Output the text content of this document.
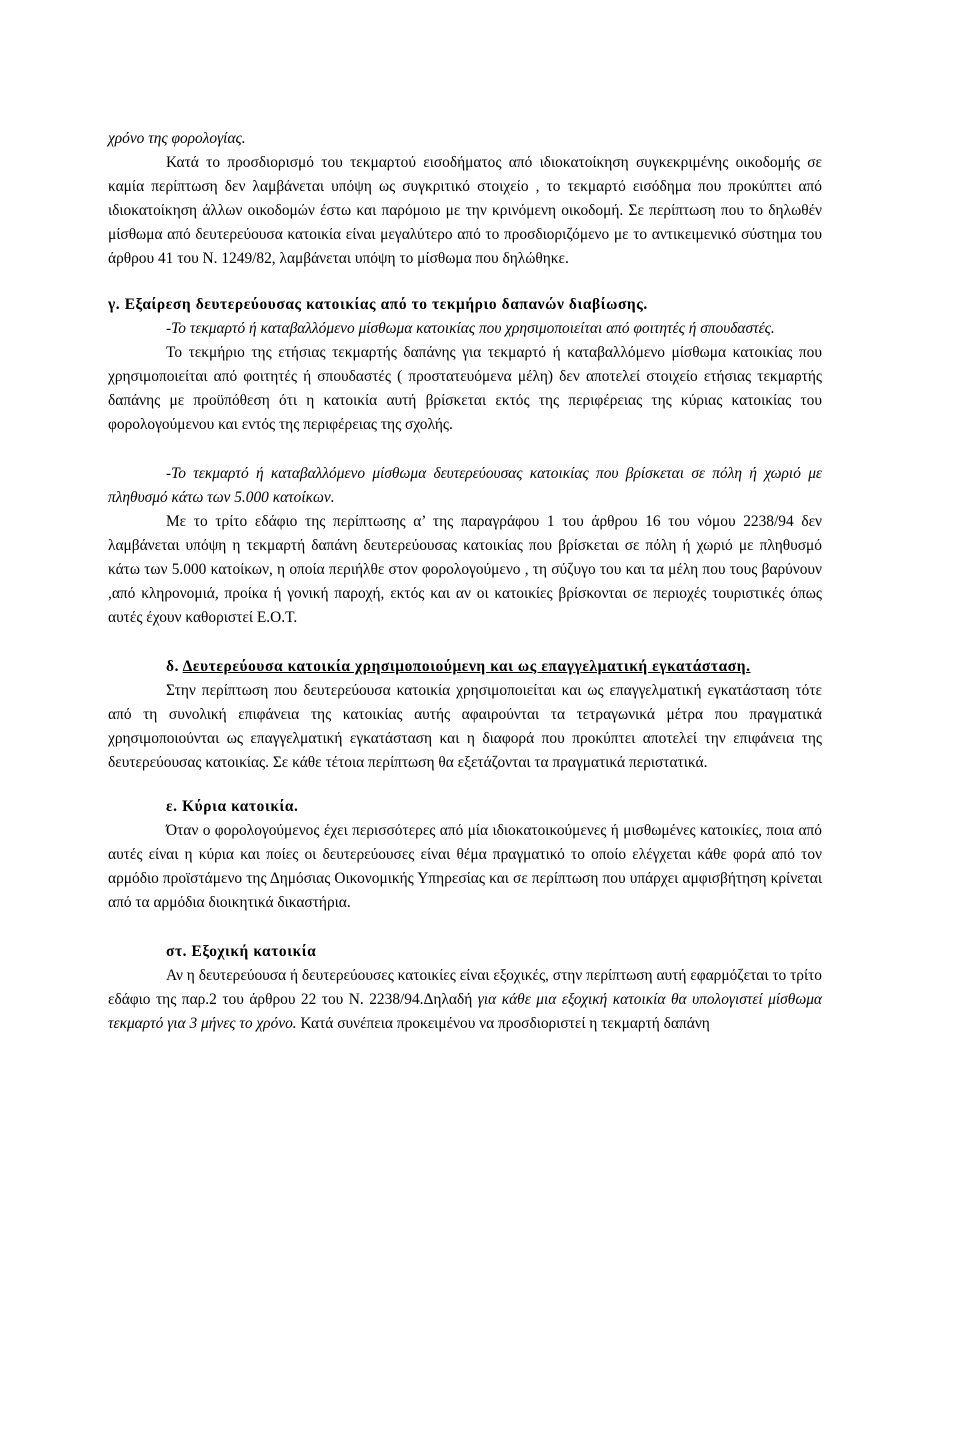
χρόνο της φορολογίας.

Κατά το προσδιορισμό του τεκμαρτού εισοδήματος από ιδιοκατοίκηση συγκεκριμένης οικοδομής σε καμία περίπτωση δεν λαμβάνεται υπόψη ως συγκριτικό στοιχείο , το τεκμαρτό εισόδημα που προκύπτει από ιδιοκατοίκηση άλλων οικοδομών έστω και παρόμοιο με την κρινόμενη οικοδομή. Σε περίπτωση που το δηλωθέν μίσθωμα από δευτερεύουσα κατοικία είναι μεγαλύτερο από το προσδιοριζόμενο με το αντικειμενικό σύστημα του άρθρου 41 του Ν. 1249/82, λαμβάνεται υπόψη το μίσθωμα που δηλώθηκε.

γ. Εξαίρεση δευτερεύουσας κατοικίας από το τεκμήριο δαπανών διαβίωσης.

-Το τεκμαρτό ή καταβαλλόμενο μίσθωμα κατοικίας που χρησιμοποιείται από φοιτητές ή σπουδαστές.

Το τεκμήριο της ετήσιας τεκμαρτής δαπάνης για τεκμαρτό ή καταβαλλόμενο μίσθωμα κατοικίας που χρησιμοποιείται από φοιτητές ή σπουδαστές ( προστατευόμενα μέλη) δεν αποτελεί στοιχείο ετήσιας τεκμαρτής δαπάνης με προϋπόθεση ότι η κατοικία αυτή βρίσκεται εκτός της περιφέρειας της κύριας κατοικίας του φορολογούμενου και εντός της περιφέρειας της σχολής.

-Το τεκμαρτό ή καταβαλλόμενο μίσθωμα δευτερεύουσας κατοικίας που βρίσκεται σε πόλη ή χωριό με πληθυσμό κάτω των 5.000 κατοίκων.

Με το τρίτο εδάφιο της περίπτωσης α’ της παραγράφου 1 του άρθρου 16 του νόμου 2238/94 δεν λαμβάνεται υπόψη η τεκμαρτή δαπάνη δευτερεύουσας κατοικίας που βρίσκεται σε πόλη ή χωριό με πληθυσμό κάτω των 5.000 κατοίκων, η οποία περιήλθε στον φορολογούμενο , τη σύζυγο του και τα μέλη που τους βαρύνουν ,από κληρονομιά, προίκα ή γονική παροχή, εκτός και αν οι κατοικίες βρίσκονται σε περιοχές τουριστικές όπως αυτές έχουν καθοριστεί Ε.Ο.Τ.

δ. Δευτερεύουσα κατοικία χρησιμοποιούμενη και ως επαγγελματική εγκατάσταση.

Στην περίπτωση που δευτερεύουσα κατοικία χρησιμοποιείται και ως επαγγελματική εγκατάσταση τότε από τη συνολική επιφάνεια της κατοικίας αυτής αφαιρούνται τα τετραγωνικά μέτρα που πραγματικά χρησιμοποιούνται ως επαγγελματική εγκατάσταση και η διαφορά που προκύπτει αποτελεί την επιφάνεια της δευτερεύουσας κατοικίας. Σε κάθε τέτοια περίπτωση θα εξετάζονται τα πραγματικά περιστατικά.

ε. Κύρια κατοικία.

Όταν ο φορολογούμενος έχει περισσότερες από μία ιδιοκατοικούμενες ή μισθωμένες κατοικίες, ποια από αυτές είναι η κύρια και ποίες οι δευτερεύουσες είναι θέμα πραγματικό το οποίο ελέγχεται κάθε φορά από τον αρμόδιο προϊστάμενο της Δημόσιας Οικονομικής Υπηρεσίας και σε περίπτωση που υπάρχει αμφισβήτηση κρίνεται από τα αρμόδια διοικητικά δικαστήρια.

στ. Εξοχική κατοικία

Αν η δευτερεύουσα ή δευτερεύουσες κατοικίες είναι εξοχικές, στην περίπτωση αυτή εφαρμόζεται το τρίτο εδάφιο της παρ.2 του άρθρου 22 του Ν. 2238/94.Δηλαδή για κάθε μια εξοχική κατοικία θα υπολογιστεί μίσθωμα τεκμαρτό για 3 μήνες το χρόνο. Κατά συνέπεια προκειμένου να προσδιοριστεί η τεκμαρτή δαπάνη
